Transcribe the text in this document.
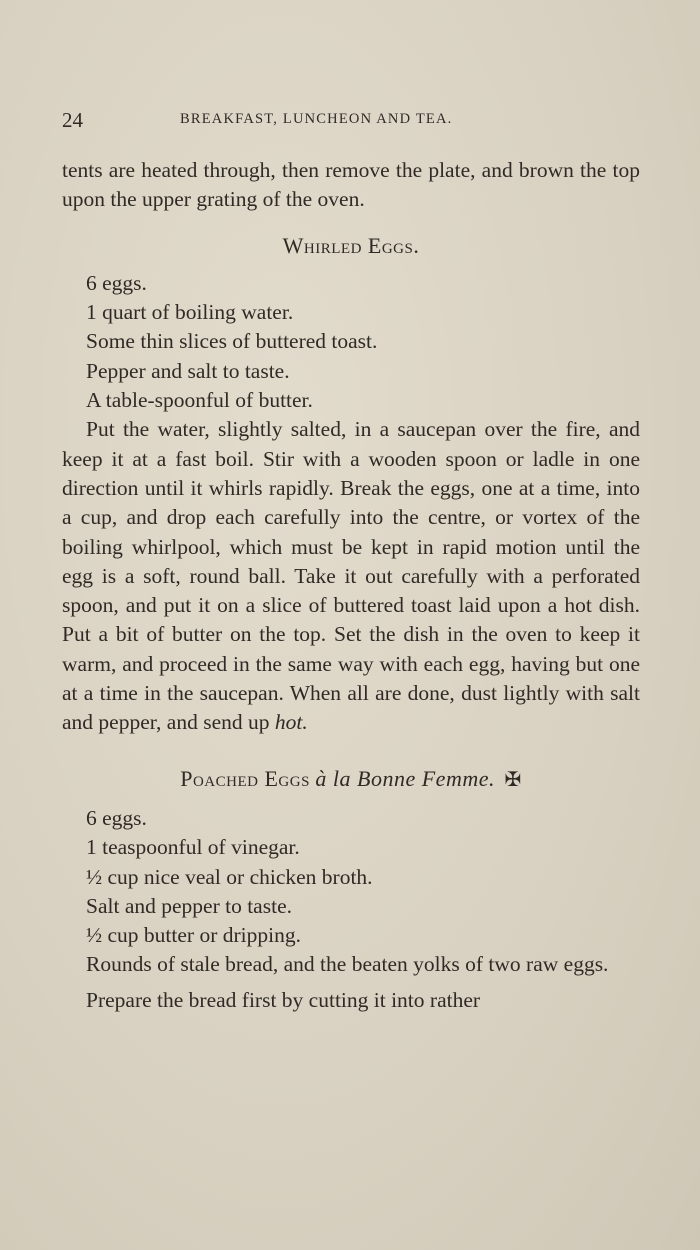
24	BREAKFAST, LUNCHEON AND TEA.

tents are heated through, then remove the plate, and brown the top upon the upper grating of the oven.

Whirled Eggs.
6 eggs.
1 quart of boiling water.
Some thin slices of buttered toast.
Pepper and salt to taste.
A table-spoonful of butter.

Put the water, slightly salted, in a saucepan over the fire, and keep it at a fast boil. Stir with a wooden spoon or ladle in one direction until it whirls rapidly. Break the eggs, one at a time, into a cup, and drop each carefully into the centre, or vortex of the boiling whirlpool, which must be kept in rapid motion until the egg is a soft, round ball. Take it out carefully with a perforated spoon, and put it on a slice of buttered toast laid upon a hot dish. Put a bit of butter on the top. Set the dish in the oven to keep it warm, and proceed in the same way with each egg, having but one at a time in the saucepan. When all are done, dust lightly with salt and pepper, and send up hot.

Poached Eggs à la Bonne Femme. ✠
6 eggs.
1 teaspoonful of vinegar.
½ cup nice veal or chicken broth.
Salt and pepper to taste.
½ cup butter or dripping.
Rounds of stale bread, and the beaten yolks of two raw eggs.

Prepare the bread first by cutting it into rather
